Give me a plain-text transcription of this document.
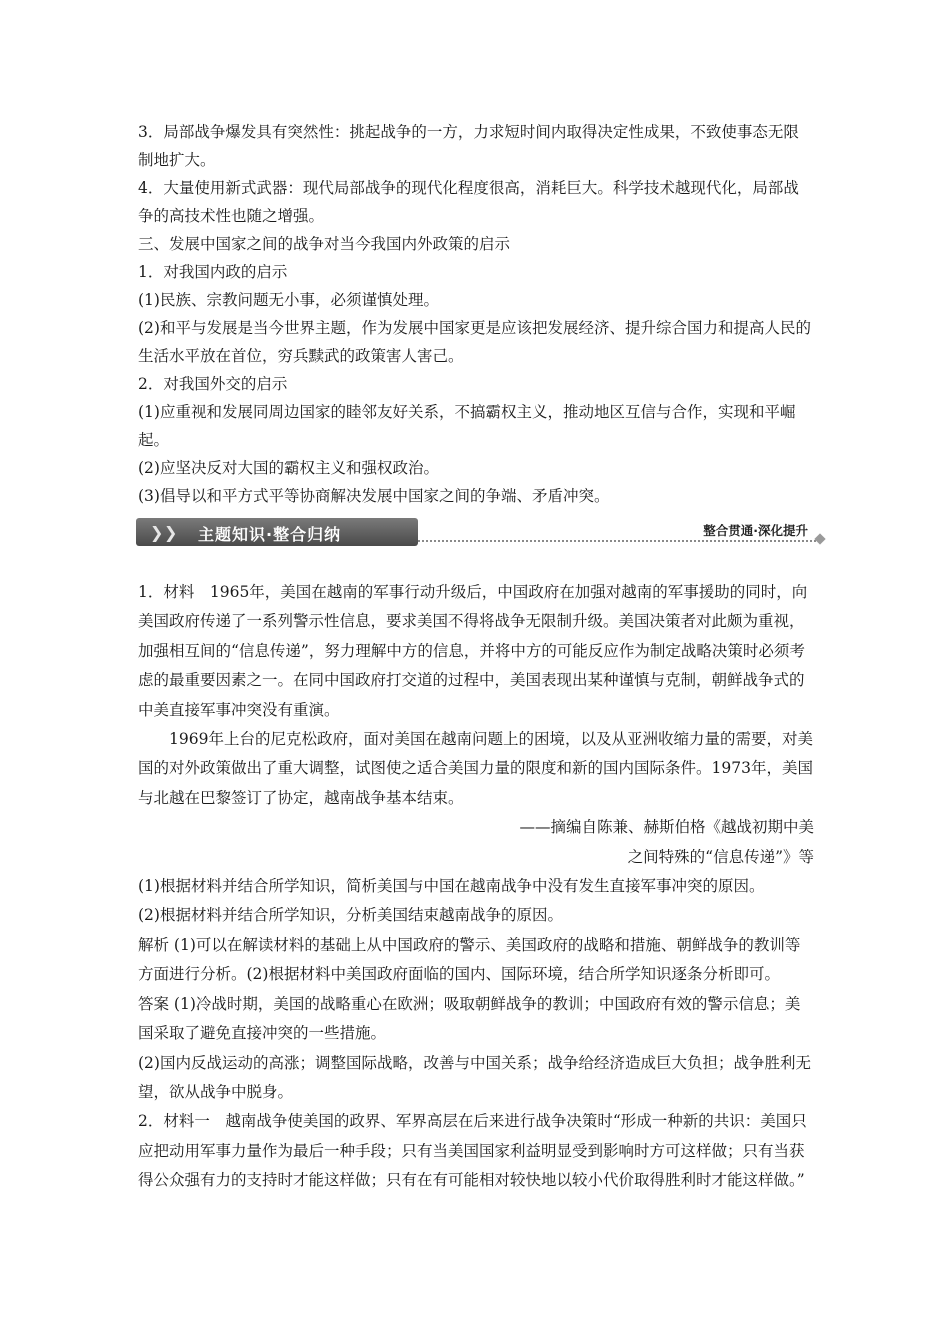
3．局部战争爆发具有突然性：挑起战争的一方，力求短时间内取得决定性成果，不致使事态无限制地扩大。

4．大量使用新式武器：现代局部战争的现代化程度很高，消耗巨大。科学技术越现代化，局部战争的高技术性也随之增强。

三、发展中国家之间的战争对当今我国内外政策的启示

1．对我国内政的启示

(1)民族、宗教问题无小事，必须谨慎处理。

(2)和平与发展是当今世界主题，作为发展中国家更是应该把发展经济、提升综合国力和提高人民的生活水平放在首位，穷兵黩武的政策害人害己。

2．对我国外交的启示

(1)应重视和发展同周边国家的睦邻友好关系，不搞霸权主义，推动地区互信与合作，实现和平崛起。

(2)应坚决反对大国的霸权主义和强权政治。

(3)倡导以和平方式平等协商解决发展中国家之间的争端、矛盾冲突。

❯ ❯ 主题知识·整合归纳	整合贯通·深化提升

1．材料　1965年，美国在越南的军事行动升级后，中国政府在加强对越南的军事援助的同时，向美国政府传递了一系列警示性信息，要求美国不得将战争无限制升级。美国决策者对此颇为重视，加强相互间的“信息传递”，努力理解中方的信息，并将中方的可能反应作为制定战略决策时必须考虑的最重要因素之一。在同中国政府打交道的过程中，美国表现出某种谨慎与克制，朝鲜战争式的中美直接军事冲突没有重演。

1969年上台的尼克松政府，面对美国在越南问题上的困境，以及从亚洲收缩力量的需要，对美国的对外政策做出了重大调整，试图使之适合美国力量的限度和新的国内国际条件。1973年，美国与北越在巴黎签订了协定，越南战争基本结束。

——摘编自陈兼、赫斯伯格《越战初期中美

之间特殊的“信息传递”》等

(1)根据材料并结合所学知识，简析美国与中国在越南战争中没有发生直接军事冲突的原因。

(2)根据材料并结合所学知识，分析美国结束越南战争的原因。

解析 (1)可以在解读材料的基础上从中国政府的警示、美国政府的战略和措施、朝鲜战争的教训等方面进行分析。(2)根据材料中美国政府面临的国内、国际环境，结合所学知识逐条分析即可。

答案 (1)冷战时期，美国的战略重心在欧洲；吸取朝鲜战争的教训；中国政府有效的警示信息；美国采取了避免直接冲突的一些措施。

(2)国内反战运动的高涨；调整国际战略，改善与中国关系；战争给经济造成巨大负担；战争胜利无望，欲从战争中脱身。

2．材料一　越南战争使美国的政界、军界高层在后来进行战争决策时“形成一种新的共识：美国只应把动用军事力量作为最后一种手段；只有当美国国家利益明显受到影响时方可这样做；只有当获得公众强有力的支持时才能这样做；只有在有可能相对较快地以较小代价取得胜利时才能这样做。”
